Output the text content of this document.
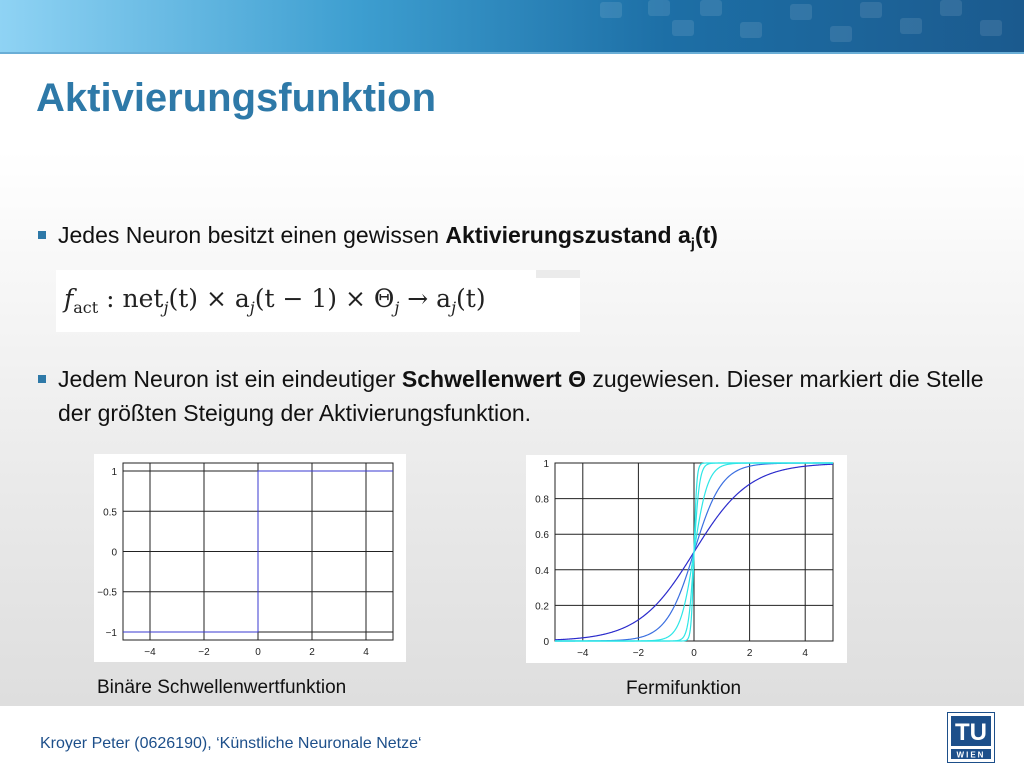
Aktivierungsfunktion
Jedes Neuron besitzt einen gewissen Aktivierungszustand $a_j(t)$
$f_{act}$ : $net_j(t) \times a_j(t - 1) \times \Theta_j \to a_j(t)$
Jedem Neuron ist ein eindeutiger Schwellenwert Θ zugewiesen. Dieser markiert die Stelle der größten Steigung der Aktivierungsfunktion.
−4	−2	0	2	4
1
0.5
0
−0.5
−1
Binäre Schwellenwertfunktion
−4	−2	0	2	4
1
0.8
0.6
0.4
0.2
0
Fermifunktion
Kroyer Peter (0626190), ‘Künstliche Neuronale Netze‘	TU
WIEN
